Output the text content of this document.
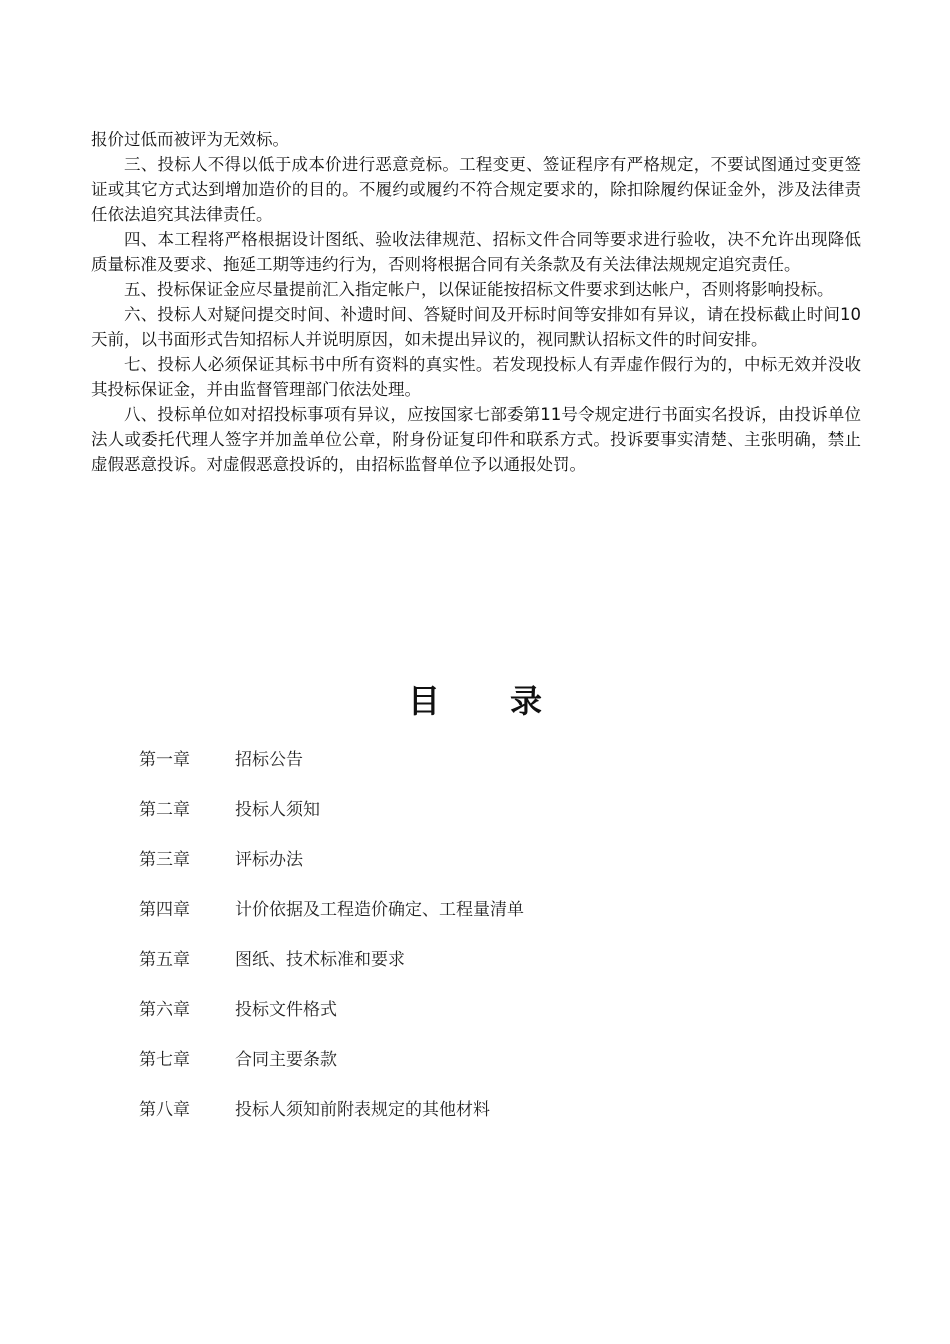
报价过低而被评为无效标。

三、投标人不得以低于成本价进行恶意竞标。工程变更、签证程序有严格规定，不要试图通过变更签证或其它方式达到增加造价的目的。不履约或履约不符合规定要求的，除扣除履约保证金外，涉及法律责任依法追究其法律责任。

四、本工程将严格根据设计图纸、验收法律规范、招标文件合同等要求进行验收，决不允许出现降低质量标准及要求、拖延工期等违约行为，否则将根据合同有关条款及有关法律法规规定追究责任。

五、投标保证金应尽量提前汇入指定帐户，以保证能按招标文件要求到达帐户，否则将影响投标。

六、投标人对疑问提交时间、补遗时间、答疑时间及开标时间等安排如有异议，请在投标截止时间10天前，以书面形式告知招标人并说明原因，如未提出异议的，视同默认招标文件的时间安排。

七、投标人必须保证其标书中所有资料的真实性。若发现投标人有弄虚作假行为的，中标无效并没收其投标保证金，并由监督管理部门依法处理。

八、投标单位如对招投标事项有异议，应按国家七部委第11号令规定进行书面实名投诉，由投诉单位法人或委托代理人签字并加盖单位公章，附身份证复印件和联系方式。投诉要事实清楚、主张明确，禁止虚假恶意投诉。对虚假恶意投诉的，由招标监督单位予以通报处罚。

目 录
第一章	招标公告
第二章	投标人须知
第三章	评标办法
第四章	计价依据及工程造价确定、工程量清单
第五章	图纸、技术标准和要求
第六章	投标文件格式
第七章	合同主要条款
第八章	投标人须知前附表规定的其他材料
